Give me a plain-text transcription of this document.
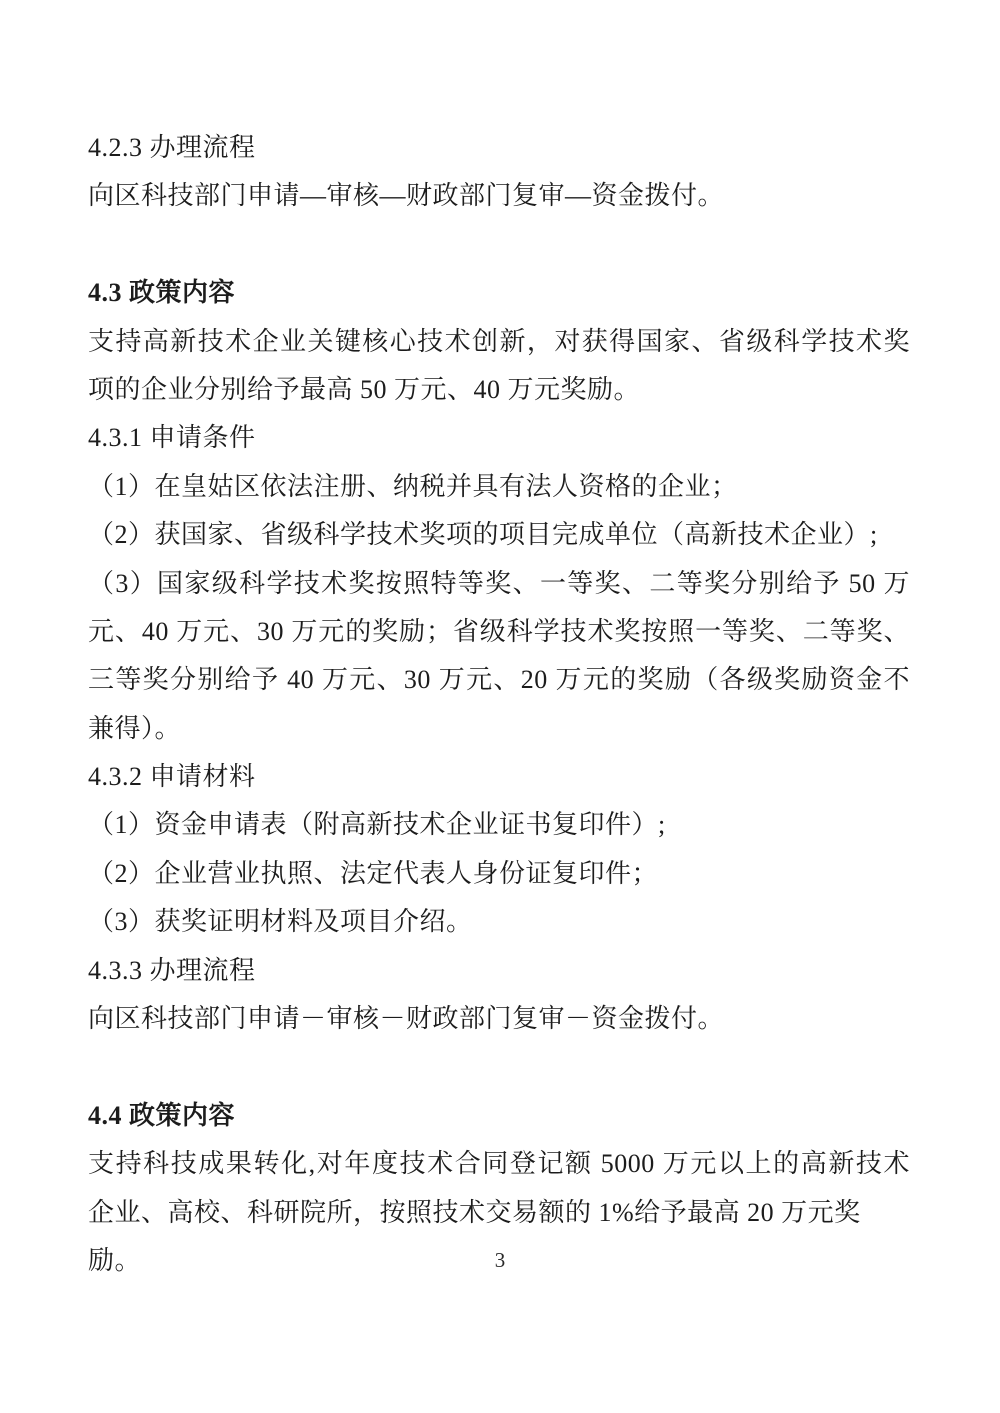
4.2.3 办理流程
向区科技部门申请—审核—财政部门复审—资金拨付。
4.3 政策内容
支持高新技术企业关键核心技术创新，对获得国家、省级科学技术奖
项的企业分别给予最高 50 万元、40 万元奖励。
4.3.1 申请条件
（1）在皇姑区依法注册、纳税并具有法人资格的企业；
（2）获国家、省级科学技术奖项的项目完成单位（高新技术企业）;
（3）国家级科学技术奖按照特等奖、一等奖、二等奖分别给予 50 万
元、40 万元、30 万元的奖励；省级科学技术奖按照一等奖、二等奖、
三等奖分别给予 40 万元、30 万元、20 万元的奖励（各级奖励资金不
兼得）。
4.3.2 申请材料
（1）资金申请表（附高新技术企业证书复印件）;
（2）企业营业执照、法定代表人身份证复印件；
（3）获奖证明材料及项目介绍。
4.3.3 办理流程
向区科技部门申请－审核－财政部门复审－资金拨付。
4.4 政策内容
支持科技成果转化,对年度技术合同登记额 5000 万元以上的高新技术
企业、高校、科研院所，按照技术交易额的 1%给予最高 20 万元奖励。	3
